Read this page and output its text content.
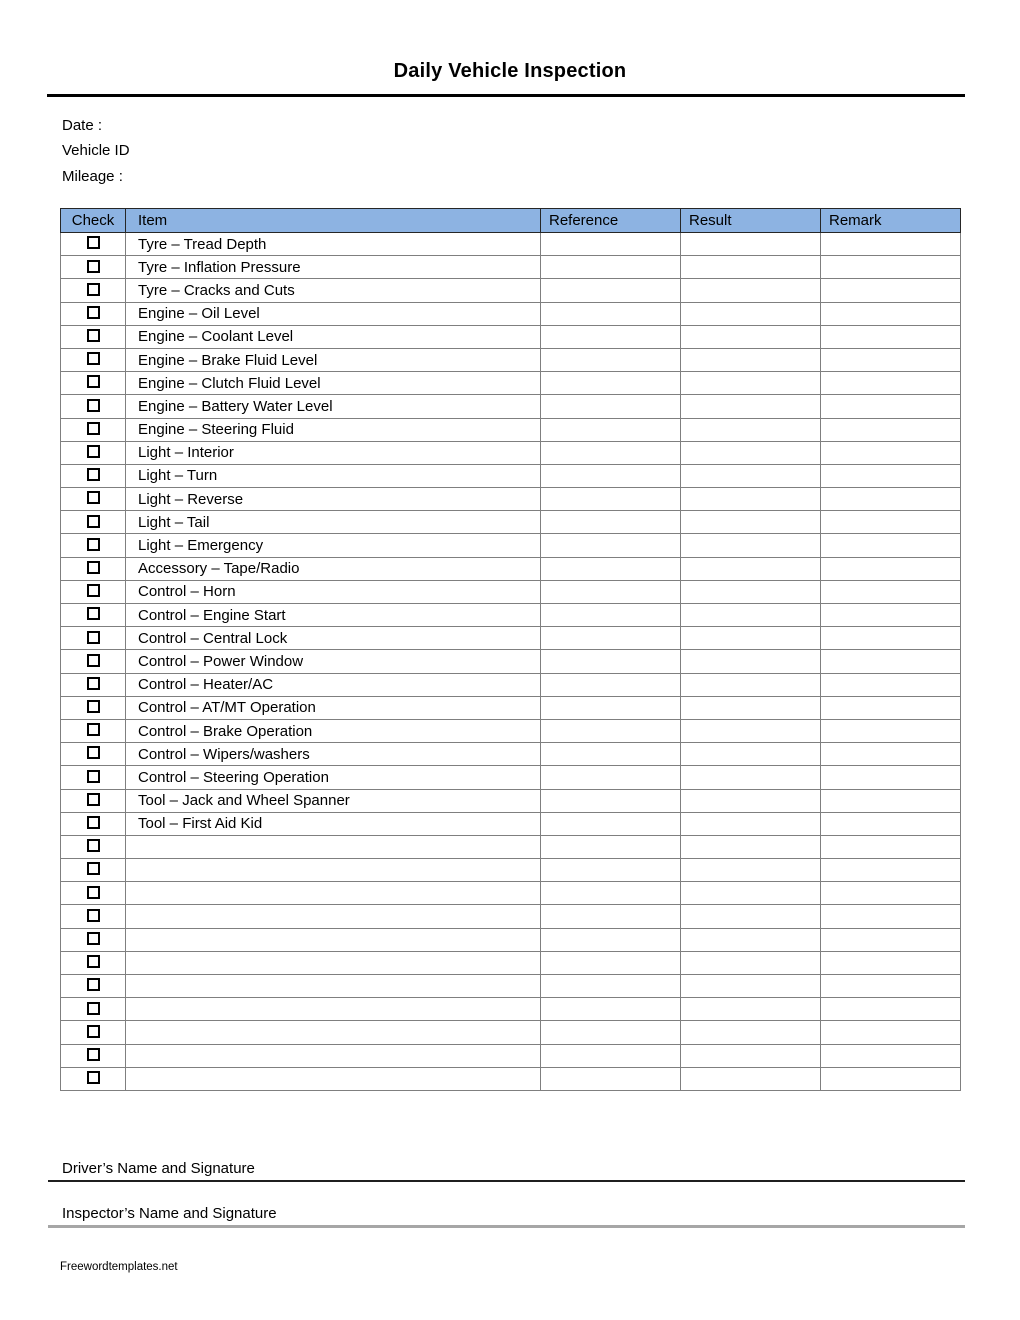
Daily Vehicle Inspection
Date :
Vehicle ID
Mileage :
Check	Item	Reference	Result	Remark
	Tyre – Tread Depth			
	Tyre – Inflation Pressure			
	Tyre – Cracks and Cuts			
	Engine – Oil Level			
	Engine – Coolant Level			
	Engine – Brake Fluid Level			
	Engine – Clutch Fluid Level			
	Engine – Battery Water Level			
	Engine – Steering Fluid			
	Light – Interior			
	Light – Turn			
	Light – Reverse			
	Light – Tail			
	Light – Emergency			
	Accessory – Tape/Radio			
	Control – Horn			
	Control – Engine Start			
	Control – Central Lock			
	Control – Power Window			
	Control – Heater/AC			
	Control – AT/MT Operation			
	Control – Brake Operation			
	Control – Wipers/washers			
	Control – Steering Operation			
	Tool – Jack and Wheel Spanner			
	Tool – First Aid Kid			

Driver’s Name and Signature
Inspector’s Name and Signature
Freewordtemplates.net
